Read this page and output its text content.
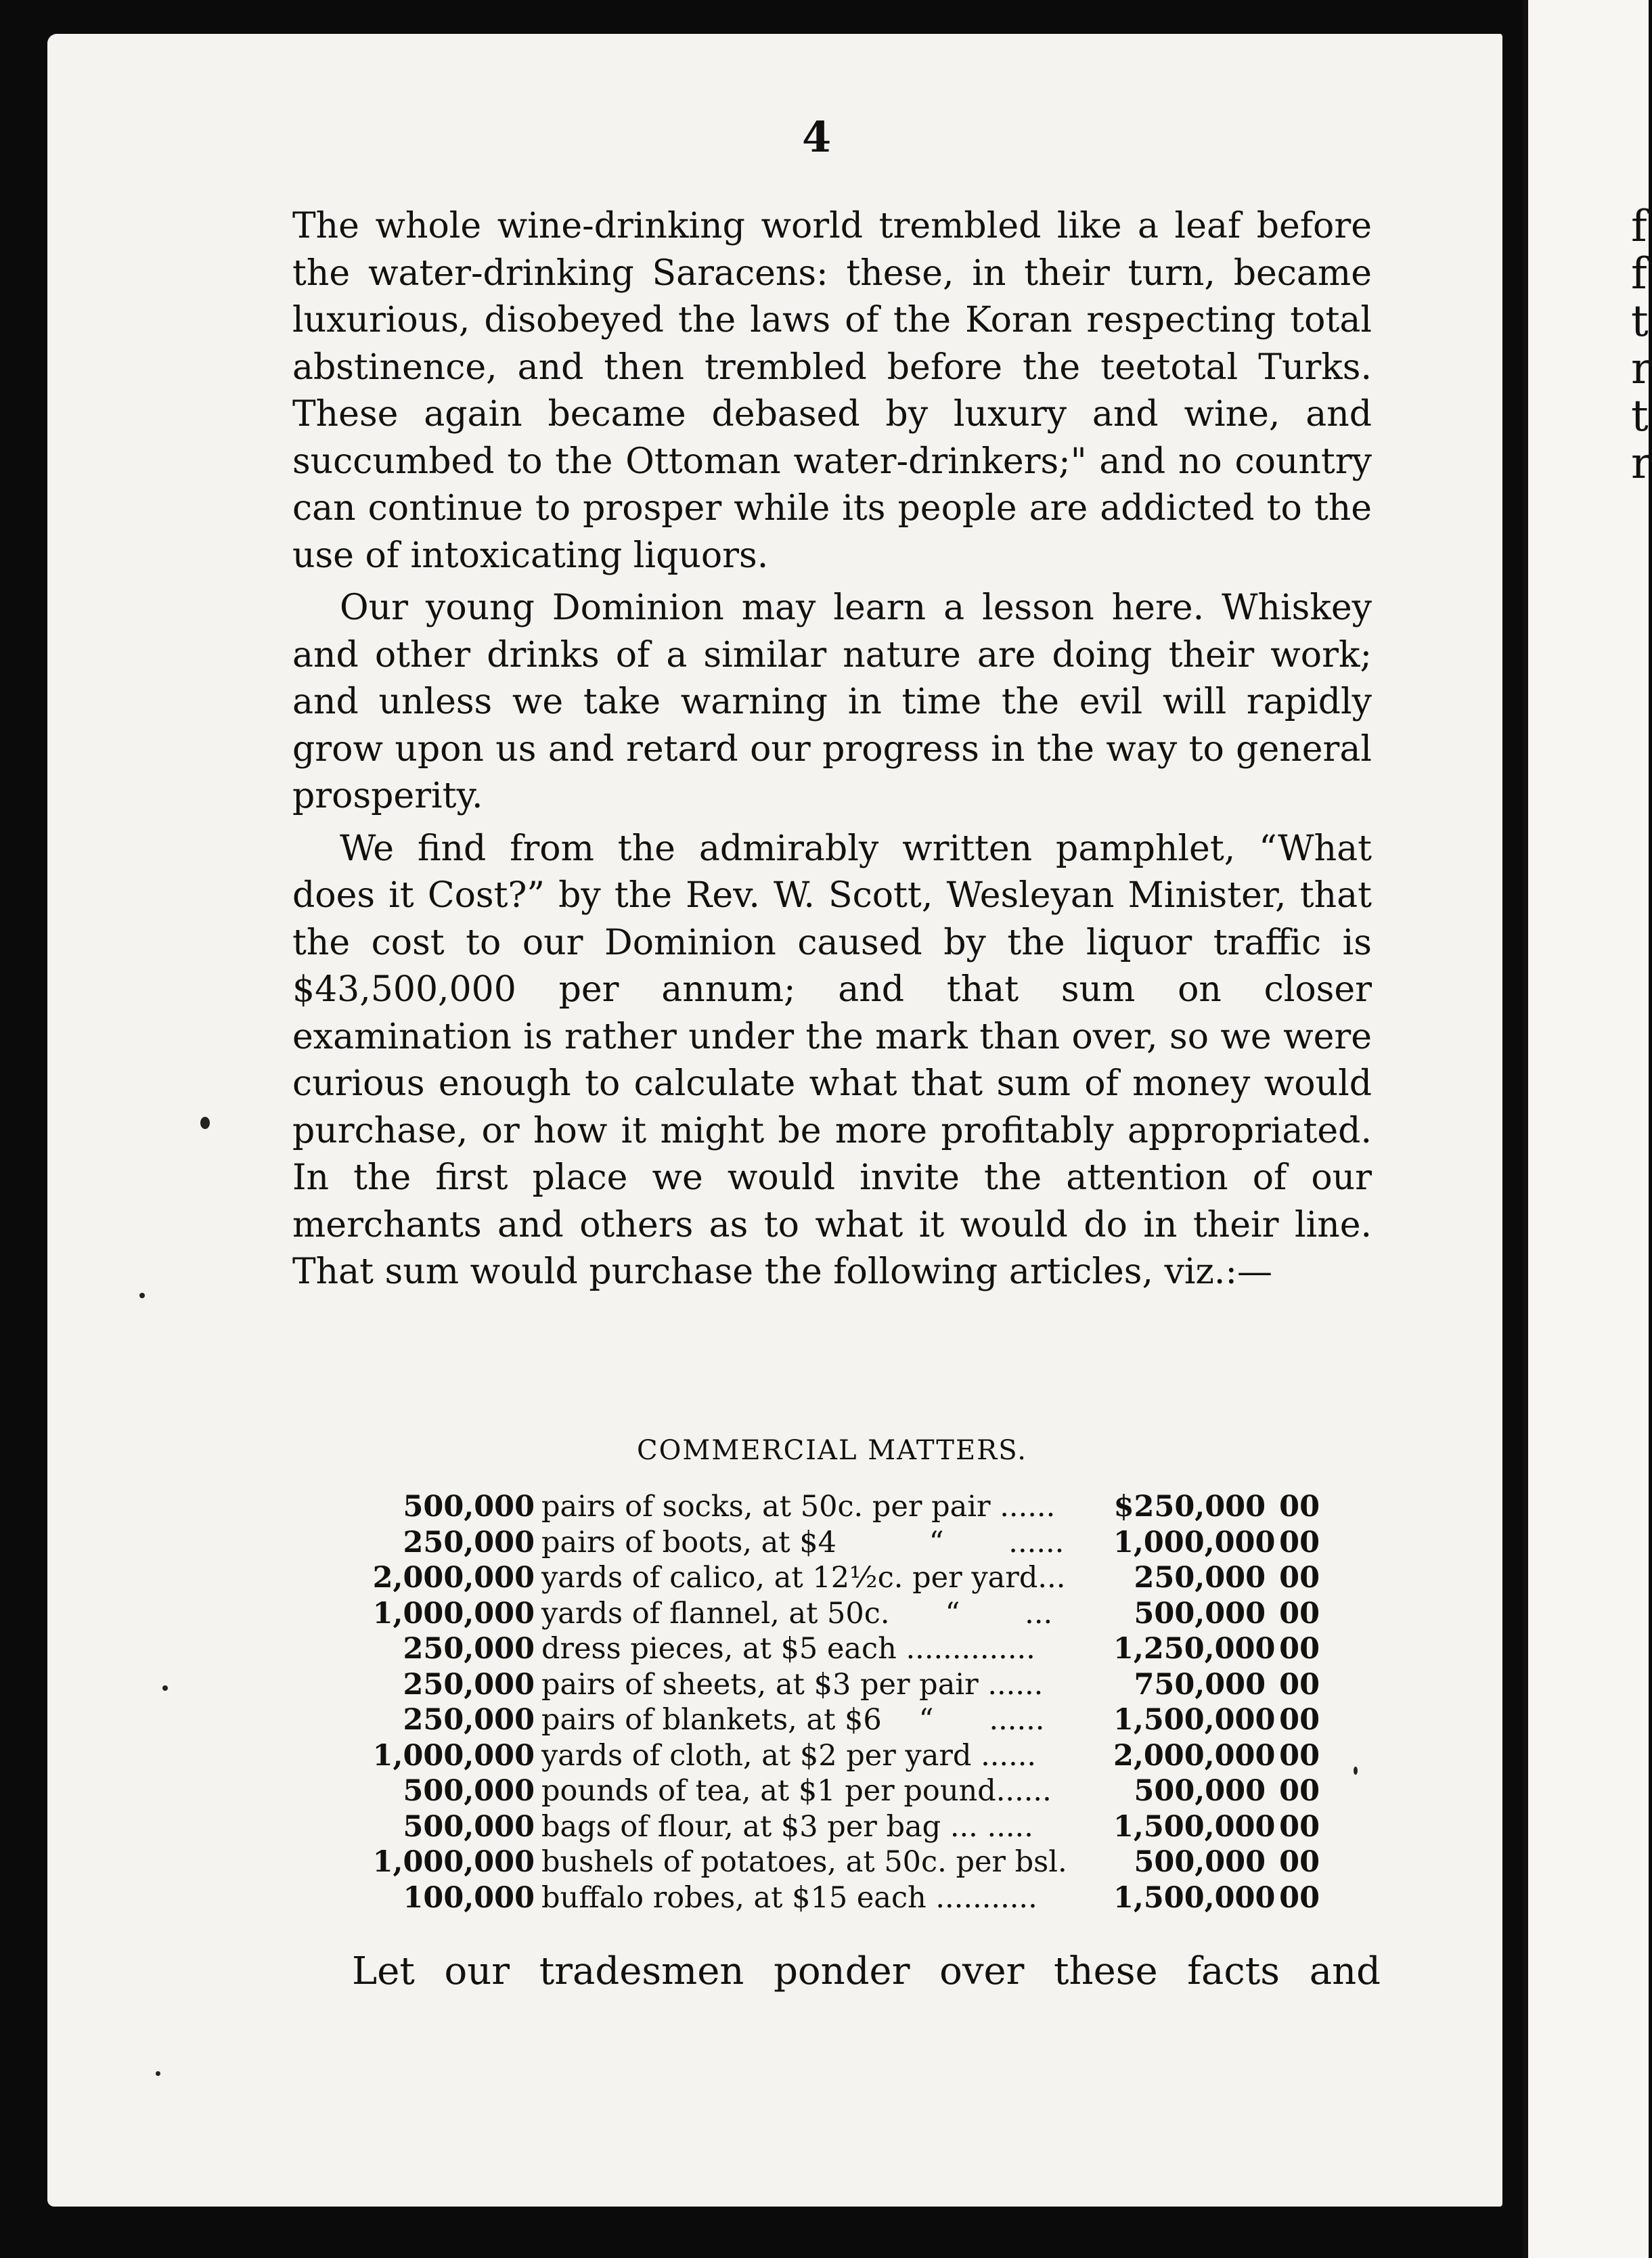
4

The whole wine-drinking world trembled like a leaf before the water-drinking Saracens: these, in their turn, became luxurious, disobeyed the laws of the Koran respecting total abstinence, and then trembled before the teetotal Turks. These again became debased by luxury and wine, and succumbed to the Ottoman water-drinkers;" and no country can continue to prosper while its people are addicted to the use of intoxicating liquors.

Our young Dominion may learn a lesson here. Whiskey and other drinks of a similar nature are doing their work; and unless we take warning in time the evil will rapidly grow upon us and retard our progress in the way to general prosperity.

We find from the admirably written pamphlet, “What does it Cost?” by the Rev. W. Scott, Wesleyan Minister, that the cost to our Dominion caused by the liquor traffic is $43,500,000 per annum; and that sum on closer examination is rather under the mark than over, so we were curious enough to calculate what that sum of money would purchase, or how it might be more profitably appropriated. In the first place we would invite the attention of our merchants and others as to what it would do in their line. That sum would purchase the following articles, viz.:—

COMMERCIAL MATTERS.
500,000 pairs of socks, at 50c. per pair ......	$250,000 00
250,000 pairs of boots, at $4          “       ......	1,000,000 00
2,000,000 yards of calico, at 12½c. per yard...	250,000 00
1,000,000 yards of flannel, at 50c.      “       ...	500,000 00
250,000 dress pieces, at $5 each ..............	1,250,000 00
250,000 pairs of sheets, at $3 per pair ......	750,000 00
250,000 pairs of blankets, at $6    “      ......	1,500,000 00
1,000,000 yards of cloth, at $2 per yard ......	2,000,000 00
500,000 pounds of tea, at $1 per pound......	500,000 00
500,000 bags of flour, at $3 per bag ... .....	1,500,000 00
1,000,000 bushels of potatoes, at 50c. per bsl.	500,000 00
100,000 buffalo robes, at $15 each ...........	1,500,000 00
Let our tradesmen ponder over these facts and
f
f
t
r
t
r
